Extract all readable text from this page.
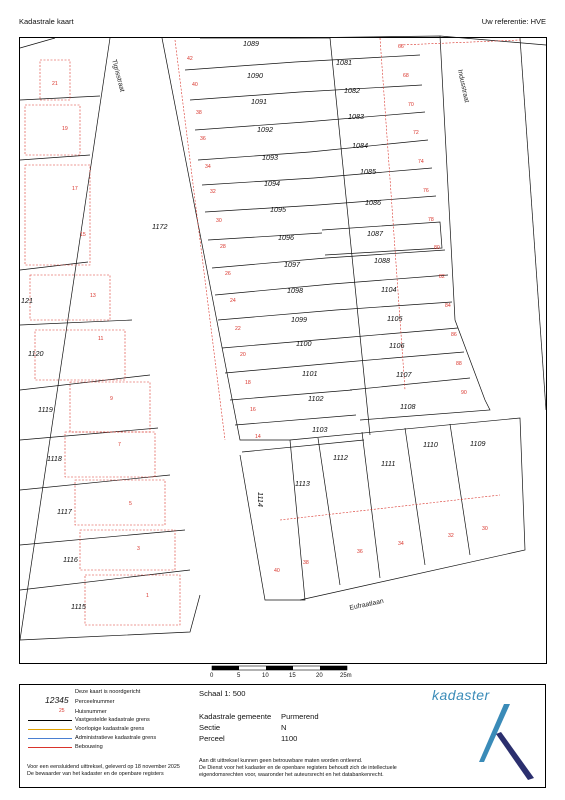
Kadastrale kaart	Uw referentie: HVE
Tigrisstraat	Indusstraat
Eufraatlaan
1089
1090
1091
1092
1093
1094
1095
1096
1097
1098
1099
1100
1101
1102
1103
1081
1082
1083
1084
1085
1086
1087
1088
1104
1105
1106
1107
1108
1112
1111
1110	1109
1113
1114
1172
121
1120
1119
1118
1117
1116
1115
42
40
38
36
34
32
30
28
26
24
22
20
18
16
14
66
68
70
72
74
76
78
80
82
84
86
88
90
21
19
17
15
13
11
9
7
5
3
1
40
38
36
34
32
30
0	5	10	15	20	25m
Deze kaart is noordgericht
12345 Perceelnummer
25 Huisnummer
Vastgestelde kadastrale grens
Voorlopige kadastrale grens
Administratieve kadastrale grens
Bebouwing
Voor een eensluidend uittreksel, geleverd op 18 november 2025
De bewaarder van het kadaster en de openbare registers
Schaal 1: 500
Kadastrale gemeente Purmerend
Sectie	N
Perceel	1100
Aan dit uittreksel kunnen geen betrouwbare maten worden ontleend.
De Dienst voor het kadaster en de openbare registers behoudt zich de intellectuele
eigendomsrechten voor, waaronder het auteursrecht en het databankenrecht.
kadaster
